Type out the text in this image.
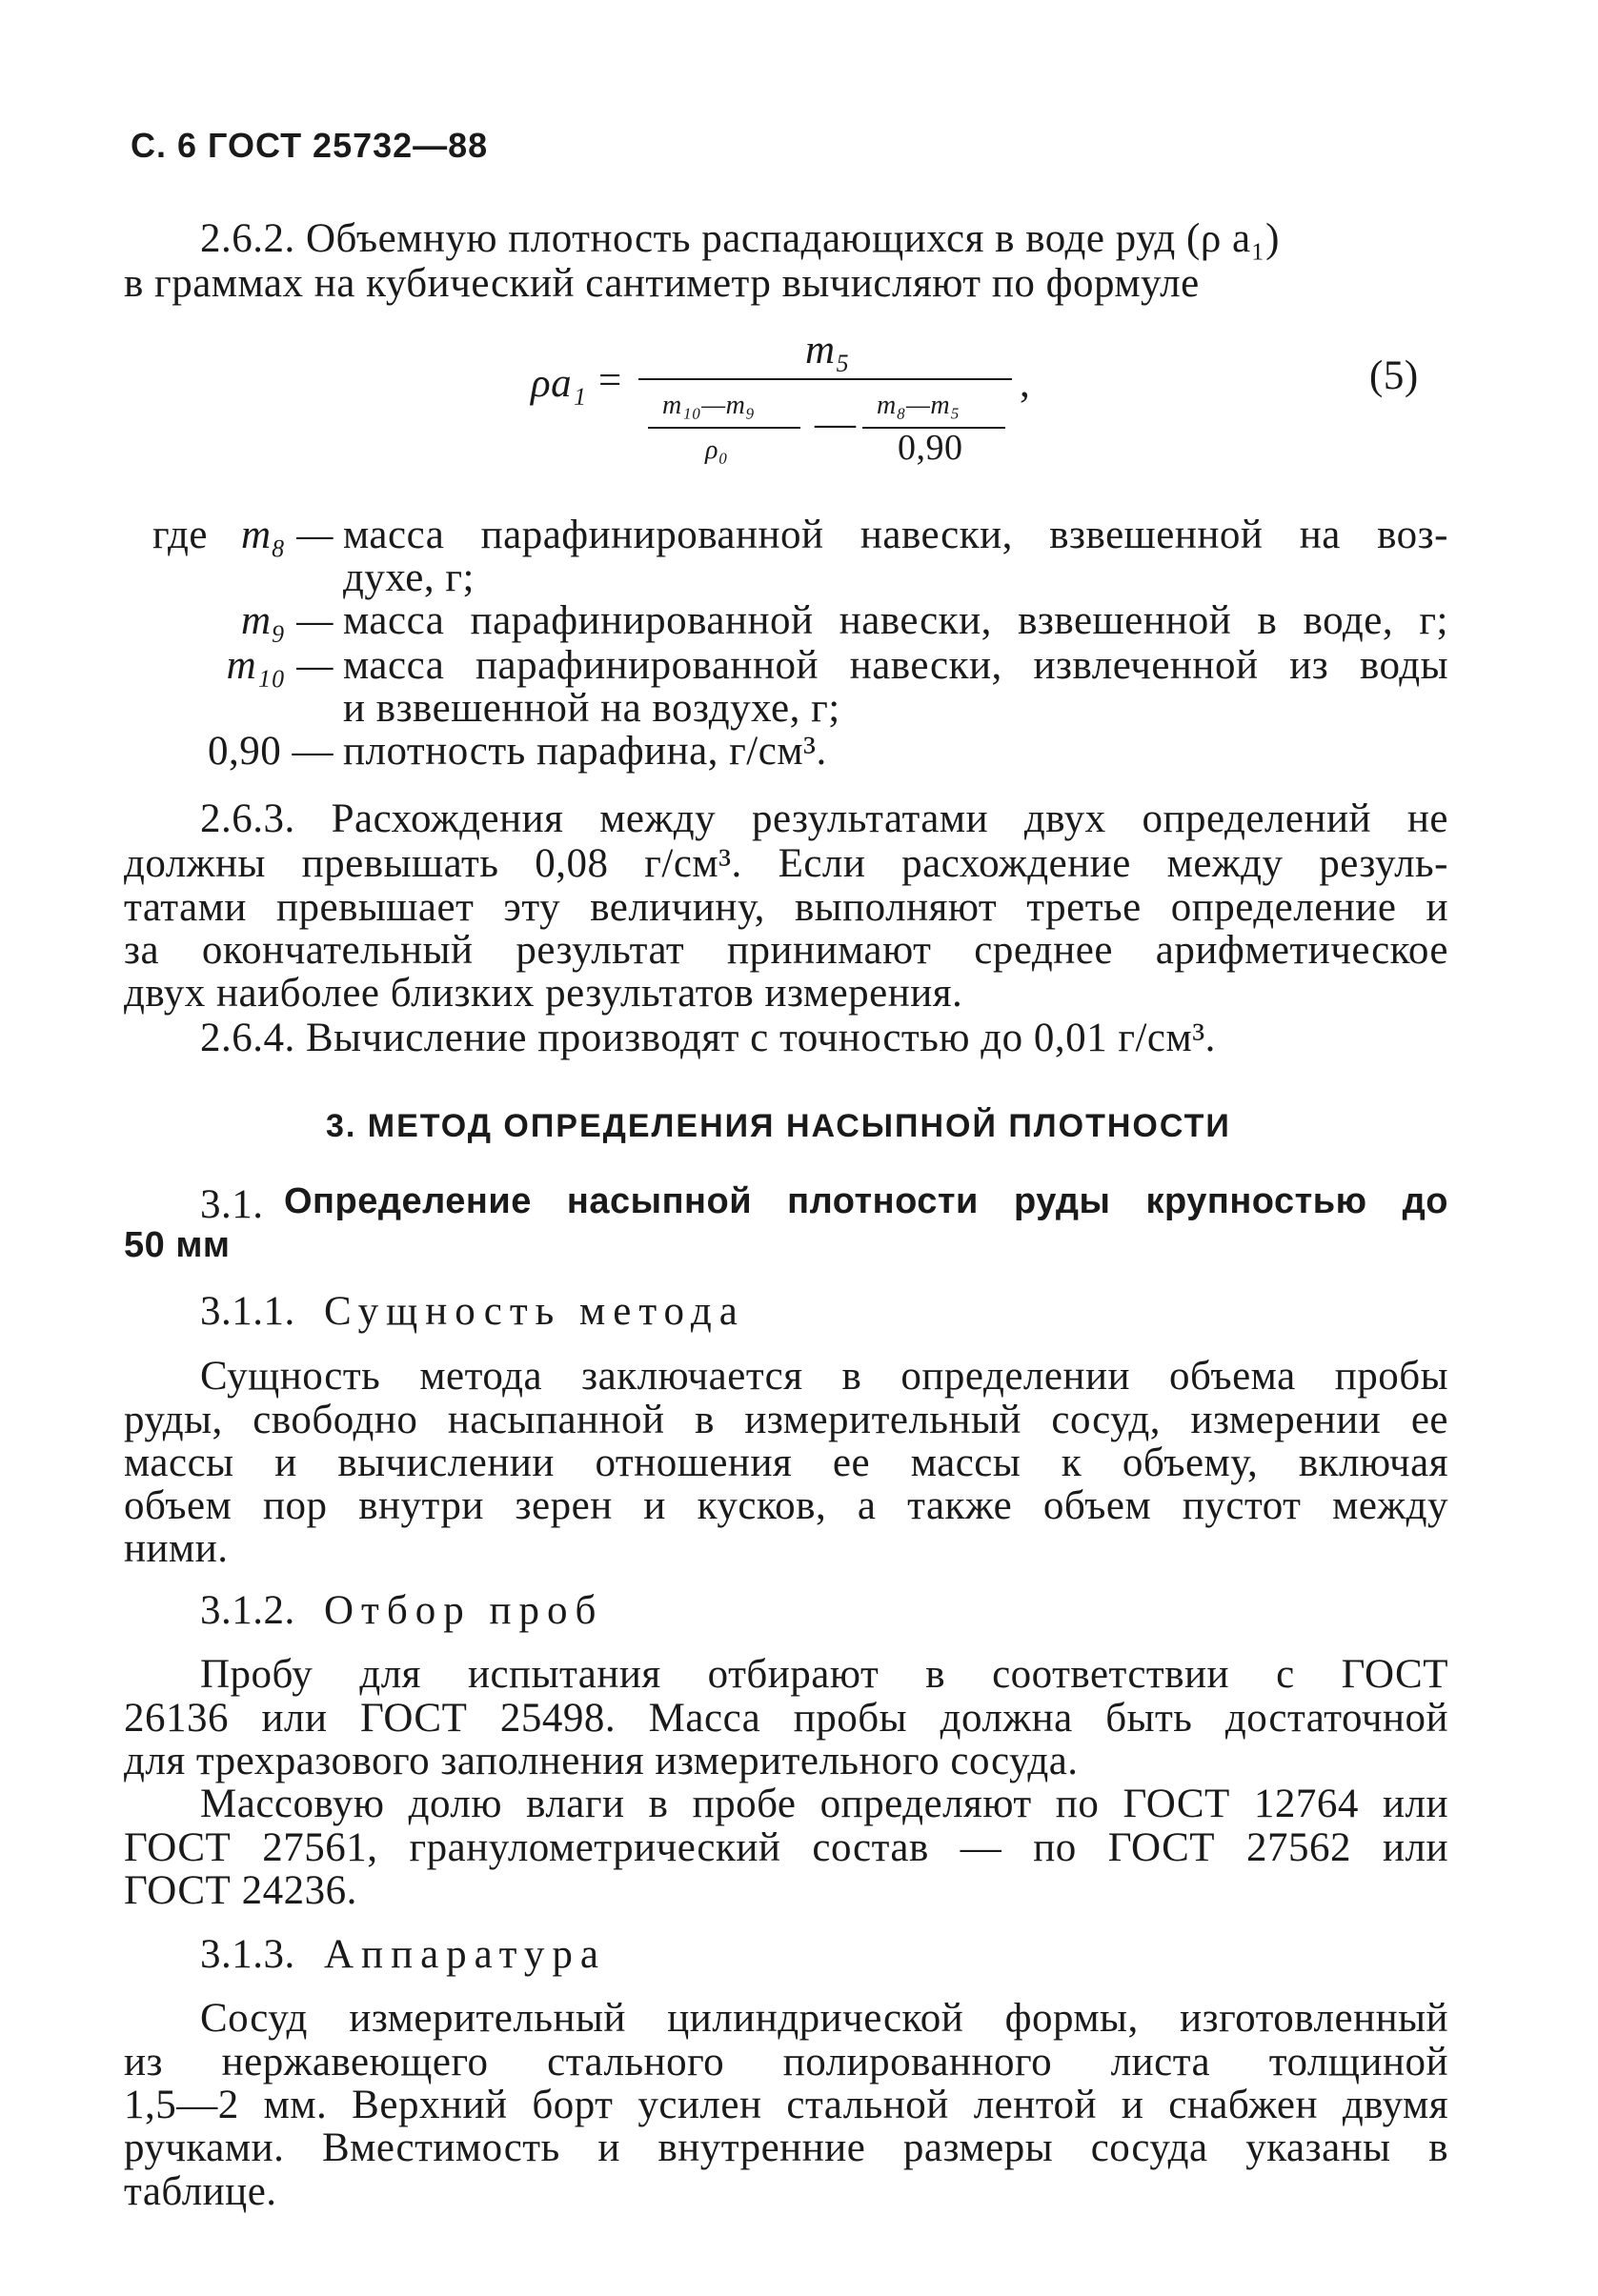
С. 6 ГОСТ 25732—88
2.6.2. Объемную плотность распадающихся в воде руд (ρ a₁)
в граммах на кубический сантиметр вычисляют по формуле
ρa₁ =
m₅
,
m₁₀—m₉
ρ₀
— m₈—m₅
0,90
(5)
где m₈ — масса парафинированной навески, взвешенной на воз-
духе, г;
m₉ — масса парафинированной навески, взвешенной в воде, г;
m₁₀ — масса парафинированной навески, извлеченной из воды
и взвешенной на воздухе, г;
0,90 — плотность парафина, г/см³.
2.6.3. Расхождения между результатами двух определений не
должны превышать 0,08 г/см³. Если расхождение между резуль-
татами превышает эту величину, выполняют третье определение и
за окончательный результат принимают среднее арифметическое
двух наиболее близких результатов измерения.
2.6.4. Вычисление производят с точностью до 0,01 г/см³.
3. МЕТОД ОПРЕДЕЛЕНИЯ НАСЫПНОЙ ПЛОТНОСТИ
3.1. Определение насыпной плотности руды крупностью до
50 мм
3.1.1. Сущность метода
Сущность метода заключается в определении объема пробы
руды, свободно насыпанной в измерительный сосуд, измерении ее
массы и вычислении отношения ее массы к объему, включая
объем пор внутри зерен и кусков, а также объем пустот между
ними.
3.1.2. Отбор проб
Пробу для испытания отбирают в соответствии с ГОСТ
26136 или ГОСТ 25498. Масса пробы должна быть достаточной
для трехразового заполнения измерительного сосуда.
Массовую долю влаги в пробе определяют по ГОСТ 12764 или
ГОСТ 27561, гранулометрический состав — по ГОСТ 27562 или
ГОСТ 24236.
3.1.3. Аппаратура
Сосуд измерительный цилиндрической формы, изготовленный
из нержавеющего стального полированного листа толщиной
1,5—2 мм. Верхний борт усилен стальной лентой и снабжен двумя
ручками. Вместимость и внутренние размеры сосуда указаны в
таблице.
